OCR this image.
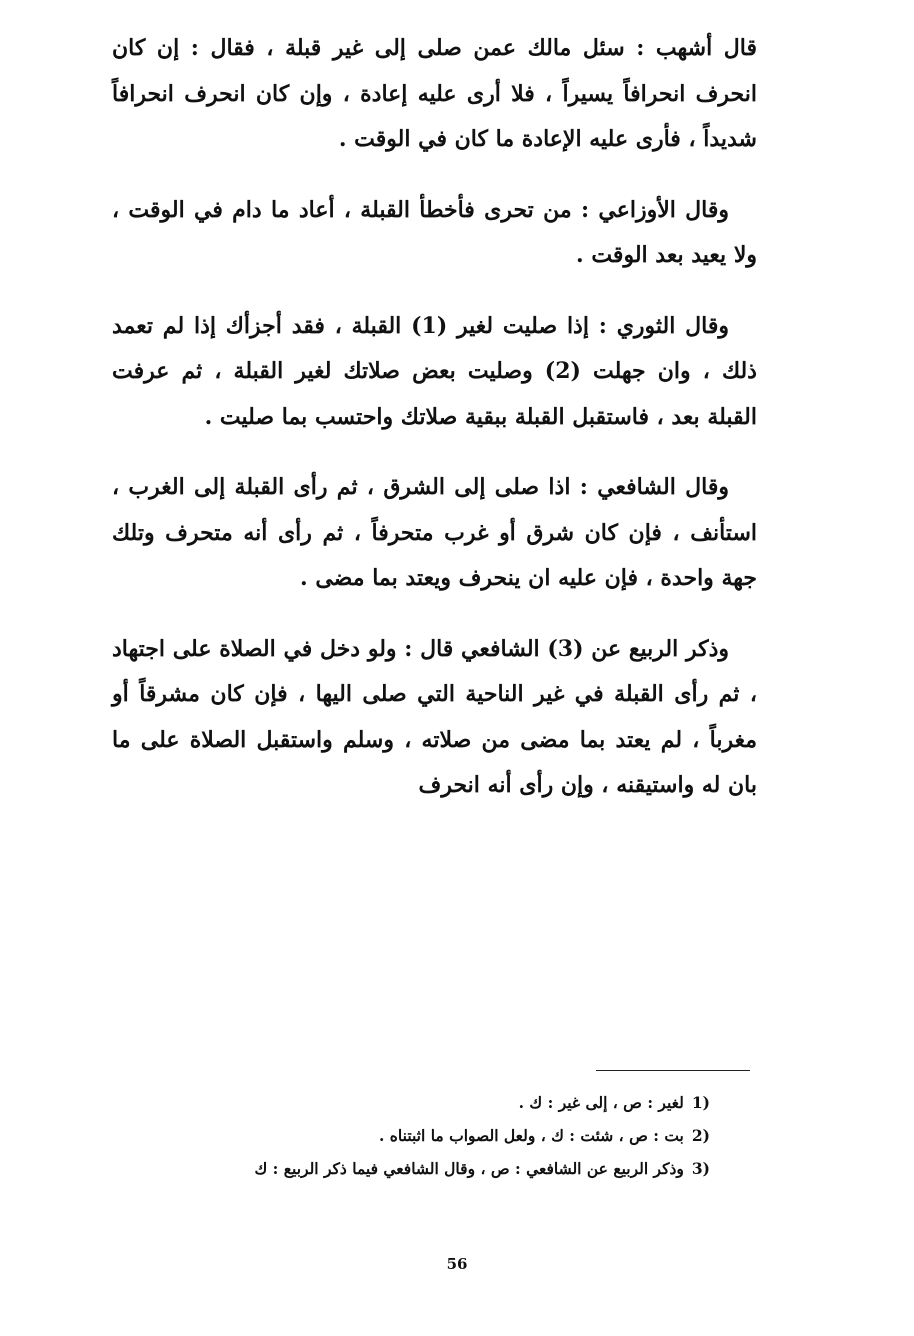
قال أشهب : سئل مالك عمن صلى إلى غير قبلة ، فقال : إن كان انحرف انحرافاً يسيراً ، فلا أرى عليه إعادة ، وإن كان انحرف انحرافاً شديداً ، فأرى عليه الإعادة ما كان في الوقت .

وقال الأوزاعي : من تحرى فأخطأ القبلة ، أعاد ما دام في الوقت ، ولا يعيد بعد الوقت .

وقال الثوري : إذا صليت لغير (1) القبلة ، فقد أجزأك إذا لم تعمد ذلك ، وان جهلت (2) وصليت بعض صلاتك لغير القبلة ، ثم عرفت القبلة بعد ، فاستقبل القبلة ببقية صلاتك واحتسب بما صليت .

وقال الشافعي : اذا صلى إلى الشرق ، ثم رأى القبلة إلى الغرب ، استأنف ، فإن كان شرق أو غرب متحرفاً ، ثم رأى أنه متحرف وتلك جهة واحدة ، فإن عليه ان ينحرف ويعتد بما مضى .

وذكر الربيع عن (3) الشافعي قال : ولو دخل في الصلاة على اجتهاد ، ثم رأى القبلة في غير الناحية التي صلى اليها ، فإن كان مشرقاً أو مغرباً ، لم يعتد بما مضى من صلاته ، وسلم واستقبل الصلاة على ما بان له واستيقنه ، وإن رأى أنه انحرف

1)
لغير : ص ، إلى غير : ك .
2)
بت : ص ، شئت : ك ، ولعل الصواب ما اثبتناه .
3)
وذكر الربيع عن الشافعي : ص ، وقال الشافعي فيما ذكر الربيع : ك
56
